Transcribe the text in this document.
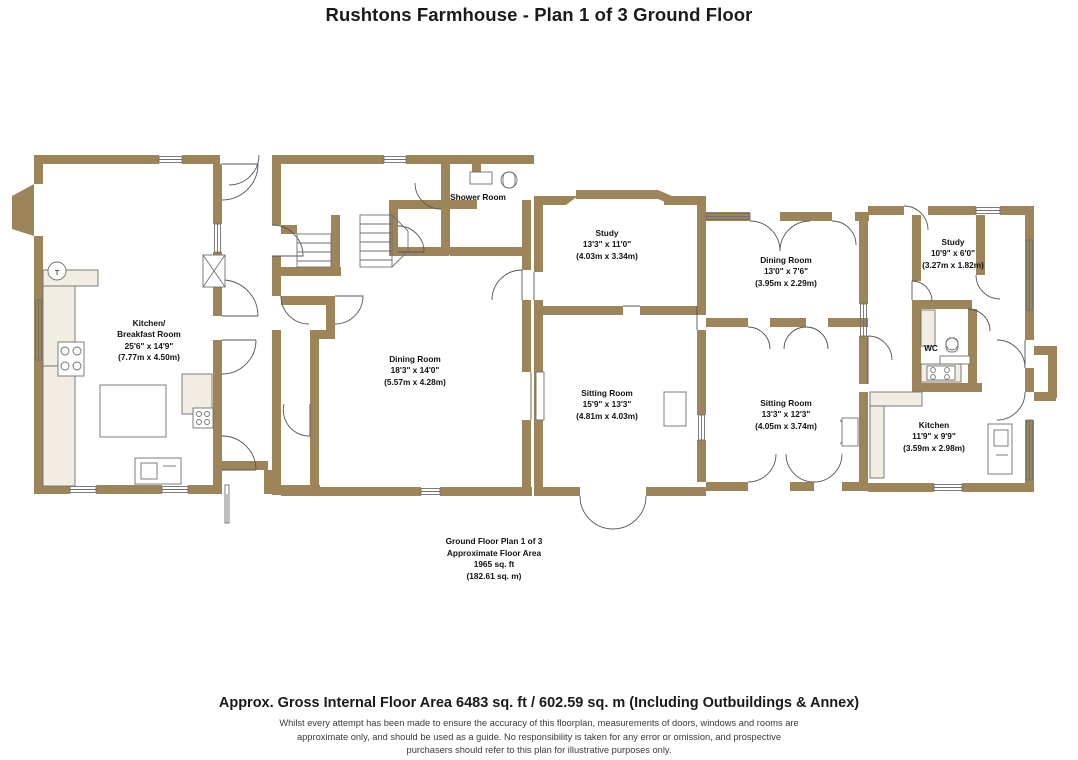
Rushtons Farmhouse - Plan 1 of 3 Ground Floor
T
Shower Room
Study
13'3" x 11'0"
(4.03m x 3.34m)	Dining Room
13'0" x 7'6"
(3.95m x 2.29m)
Study
10'9" x 6'0"
(3.27m x 1.82m)
Kitchen/
Breakfast Room
25'6" x 14'9"
(7.77m x 4.50m)
WC
Dining Room
18'3" x 14'0"
(5.57m x 4.28m)
Sitting Room
15'9" x 13'3"
(4.81m x 4.03m)
Sitting Room
13'3" x 12'3"
(4.05m x 3.74m)	Kitchen
11'9" x 9'9"
(3.59m x 2.98m)
Ground Floor Plan 1 of 3
Approximate Floor Area
1965 sq. ft
(182.61 sq. m)
Approx. Gross Internal Floor Area 6483 sq. ft / 602.59 sq. m (Including Outbuildings & Annex)
Whilst every attempt has been made to ensure the accuracy of this floorplan, measurements of doors, windows and rooms are
approximate only, and should be used as a guide. No responsibility is taken for any error or omission, and prospective
purchasers should refer to this plan for illustrative purposes only.
